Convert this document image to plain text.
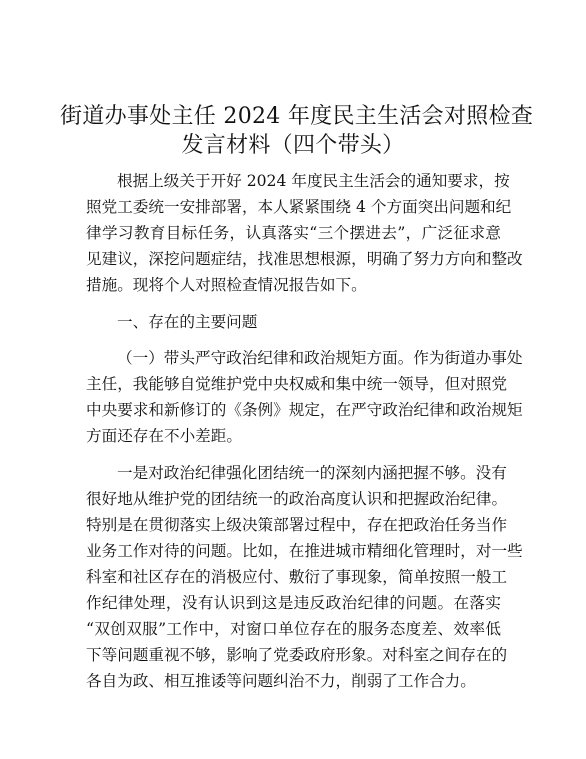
街道办事处主任 2024 年度民主生活会对照检查
发言材料（四个带头）
根据上级关于开好 2024 年度民主生活会的通知要求，按
照党工委统一安排部署，本人紧紧围绕 4 个方面突出问题和纪
律学习教育目标任务，认真落实“三个摆进去”，广泛征求意
见建议，深挖问题症结，找准思想根源，明确了努力方向和整改
措施。现将个人对照检查情况报告如下。
一、存在的主要问题
（一）带头严守政治纪律和政治规矩方面。作为街道办事处
主任，我能够自觉维护党中央权威和集中统一领导，但对照党
中央要求和新修订的《条例》规定，在严守政治纪律和政治规矩
方面还存在不小差距。
一是对政治纪律强化团结统一的深刻内涵把握不够。没有
很好地从维护党的团结统一的政治高度认识和把握政治纪律。
特别是在贯彻落实上级决策部署过程中，存在把政治任务当作
业务工作对待的问题。比如，在推进城市精细化管理时，对一些
科室和社区存在的消极应付、敷衍了事现象，简单按照一般工
作纪律处理，没有认识到这是违反政治纪律的问题。在落实
“双创双服”工作中，对窗口单位存在的服务态度差、效率低
下等问题重视不够，影响了党委政府形象。对科室之间存在的
各自为政、相互推诿等问题纠治不力，削弱了工作合力。
